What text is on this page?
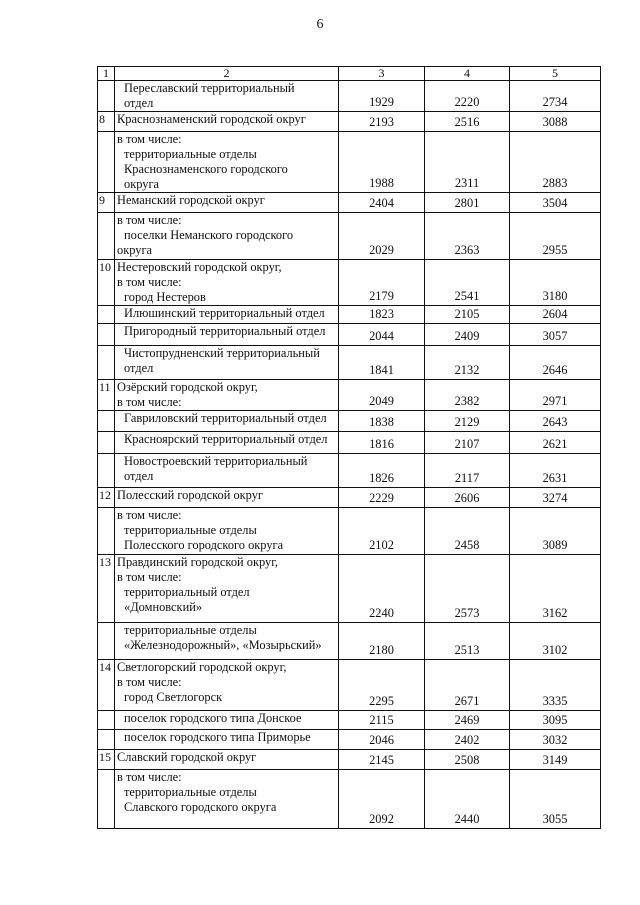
6
1	2	3	4	5

	Переславский территориальный
отдел	1929	2220	2734
8	Краснознаменский городской округ	2193	2516	3088

	в том числе:
территориальные отделы
Краснознаменского городского
округа	1988	2311	2883
9	Неманский городской округ	2404	2801	3504

	в том числе:
поселки Неманского городского
округа	2029	2363	2955
10	Нестеровский городской округ,
в том числе:
город Нестеров	2179	2541	3180

	Илюшинский территориальный отдел	1823	2105	2604

	Пригородный территориальный отдел	2044	2409	3057

	Чистопрудненский территориальный
отдел	1841	2132	2646
11	Озёрский городской округ,
в том числе:	2049	2382	2971

	Гавриловский территориальный отдел	1838	2129	2643

	Красноярский территориальный отдел	1816	2107	2621

	Новостроевский территориальный
отдел	1826	2117	2631
12	Полесский городской округ	2229	2606	3274

	в том числе:
территориальные отделы
Полесского городского округа	2102	2458	3089
13	Правдинский городской округ,
в том числе:
территориальный отдел
«Домновский»	2240	2573	3162

	территориальные отделы
«Железнодорожный», «Мозырьский»	2180	2513	3102
14	Светлогорский городской округ,
в том числе:
город Светлогорск	2295	2671	3335

	поселок городского типа Донское	2115	2469	3095

	поселок городского типа Приморье	2046	2402	3032
15	Славский городской округ	2145	2508	3149

	в том числе:
территориальные отделы
Славского городского округа	2092	2440	3055
